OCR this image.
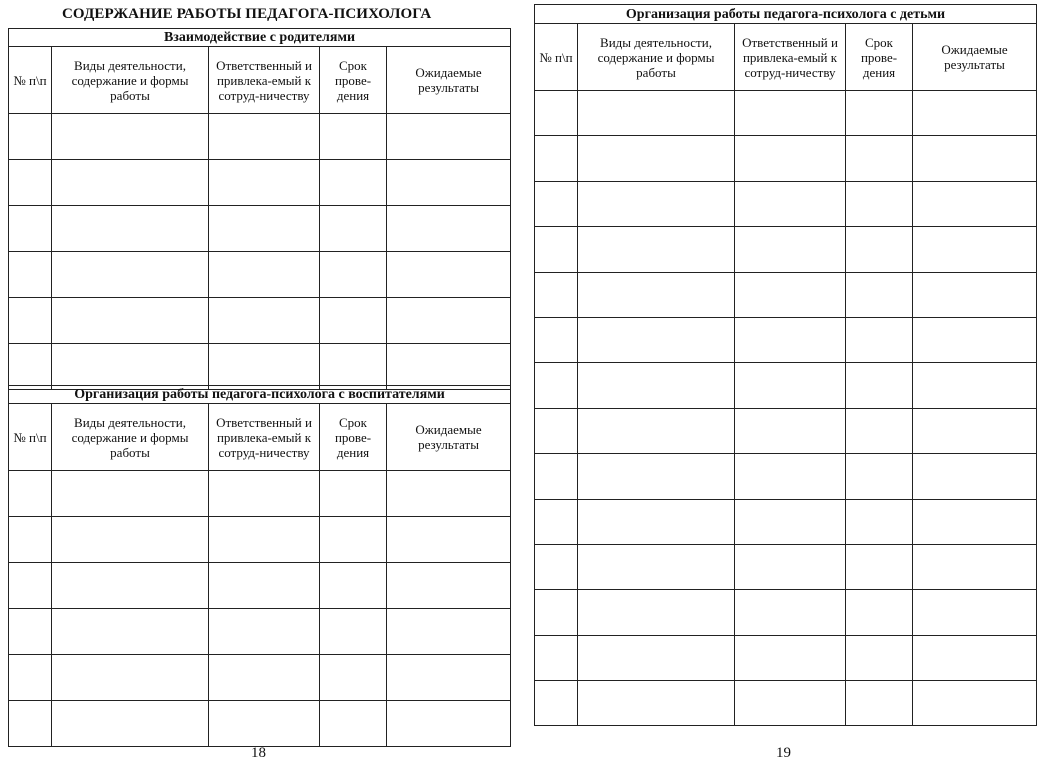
СОДЕРЖАНИЕ РАБОТЫ ПЕДАГОГА-ПСИХОЛОГА
Взаимодействие с родителями				
№ п\п	Виды деятельности, содержание и формы работы	Ответственный и привлека-емый к сотруд-ничеству	Срок прове-дения	Ожидаемые результаты

Организация работы педагога-психолога с воспитателями				
№ п\п	Виды деятельности, содержание и формы работы	Ответственный и привлека-емый к сотруд-ничеству	Срок прове-дения	Ожидаемые результаты

18
Организация работы педагога-психолога с детьми				
№ п\п	Виды деятельности, содержание и формы работы	Ответственный и привлека-емый к сотруд-ничеству	Срок прове-дения	Ожидаемые результаты

19
